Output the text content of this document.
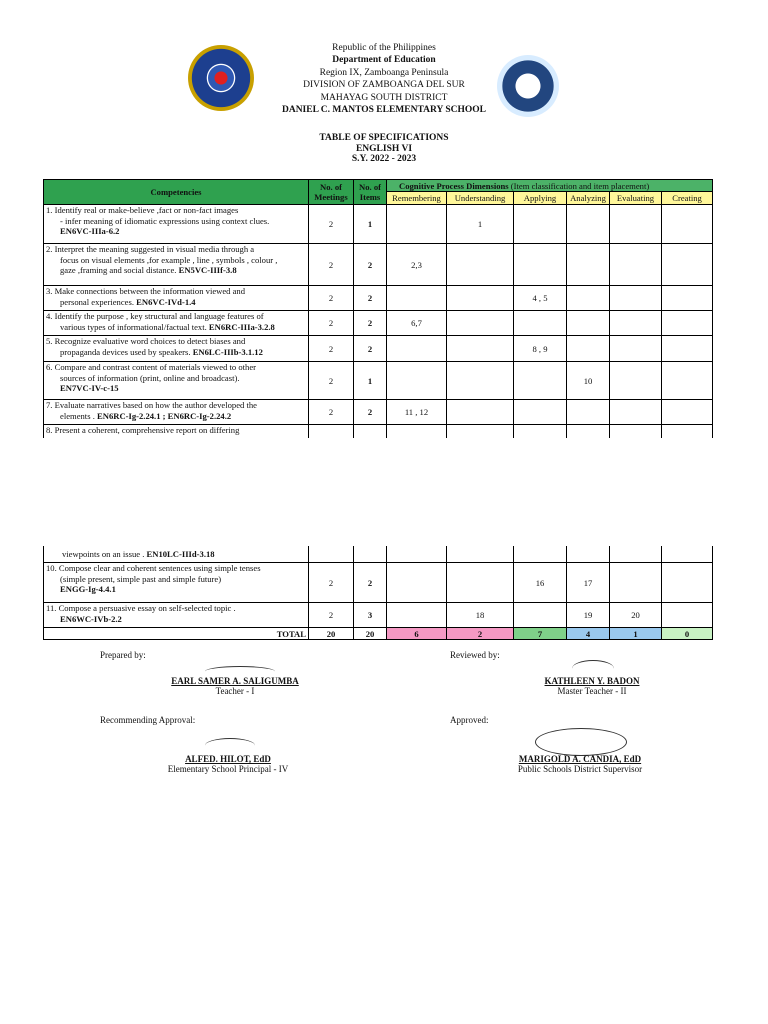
Republic of the Philippines
Department of Education
Region IX, Zamboanga Peninsula
DIVISION OF ZAMBOANGA DEL SUR
MAHAYAG SOUTH DISTRICT
DANIEL C. MANTOS ELEMENTARY SCHOOL
TABLE OF SPECIFICATIONS
ENGLISH VI
S.Y. 2022 - 2023
Competencies	No. of Meetings	No. of Items	Cognitive Process Dimensions (Item classification and item placement)					
			Remembering	Understanding	Applying	Analyzing	Evaluating	Creating

1. Identify real or make-believe ,fact or non-fact images
- infer meaning of idiomatic expressions using context clues.
EN6VC-IIIa-6.2	2	1		1				

2. Interpret the meaning suggested in visual media through a
focus on visual elements ,for example , line , symbols , colour ,
gaze ,framing and social distance. EN5VC-IIIf-3.8	2	2	2,3					

3. Make connections between the information viewed and
personal experiences. EN6VC-IVd-1.4	2	2			4 , 5			

4. Identify the purpose , key structural and language features of
various types of informational/factual text. EN6RC-IIIa-3.2.8	2	2	6,7					

5. Recognize evaluative word choices to detect biases and
propaganda devices used by speakers. EN6LC-IIIb-3.1.12	2	2			8 , 9			

6. Compare and contrast content of materials viewed to other
sources of information (print, online and broadcast).
EN7VC-IV-c-15	2	1				10		

7. Evaluate narratives based on how the author developed the
elements . EN6RC-Ig-2.24.1 ; EN6RC-Ig-2.24.2	2	2	11 , 12					

8. Present a coherent, comprehensive report on differing
viewpoints on an issue . EN10LC-IIId-3.18

10. Compose clear and coherent sentences using simple tenses
(simple present, simple past and simple future)
ENGG-Ig-4.4.1	2	2			16	17		

11. Compose a persuasive essay on self-selected topic .
EN6WC-IVb-2.2	2	3		18		19	20	
TOTAL	20	20	6	2	7	4	1	0
Prepared by:
EARL SAMER A. SALIGUMBA
Teacher - I
Reviewed by:
KATHLEEN Y. BADON
Master Teacher - II
Recommending Approval:
ALFED. HILOT, EdD
Elementary School Principal - IV
Approved:
MARIGOLD A. CANDIA, EdD
Public Schools District Supervisor
